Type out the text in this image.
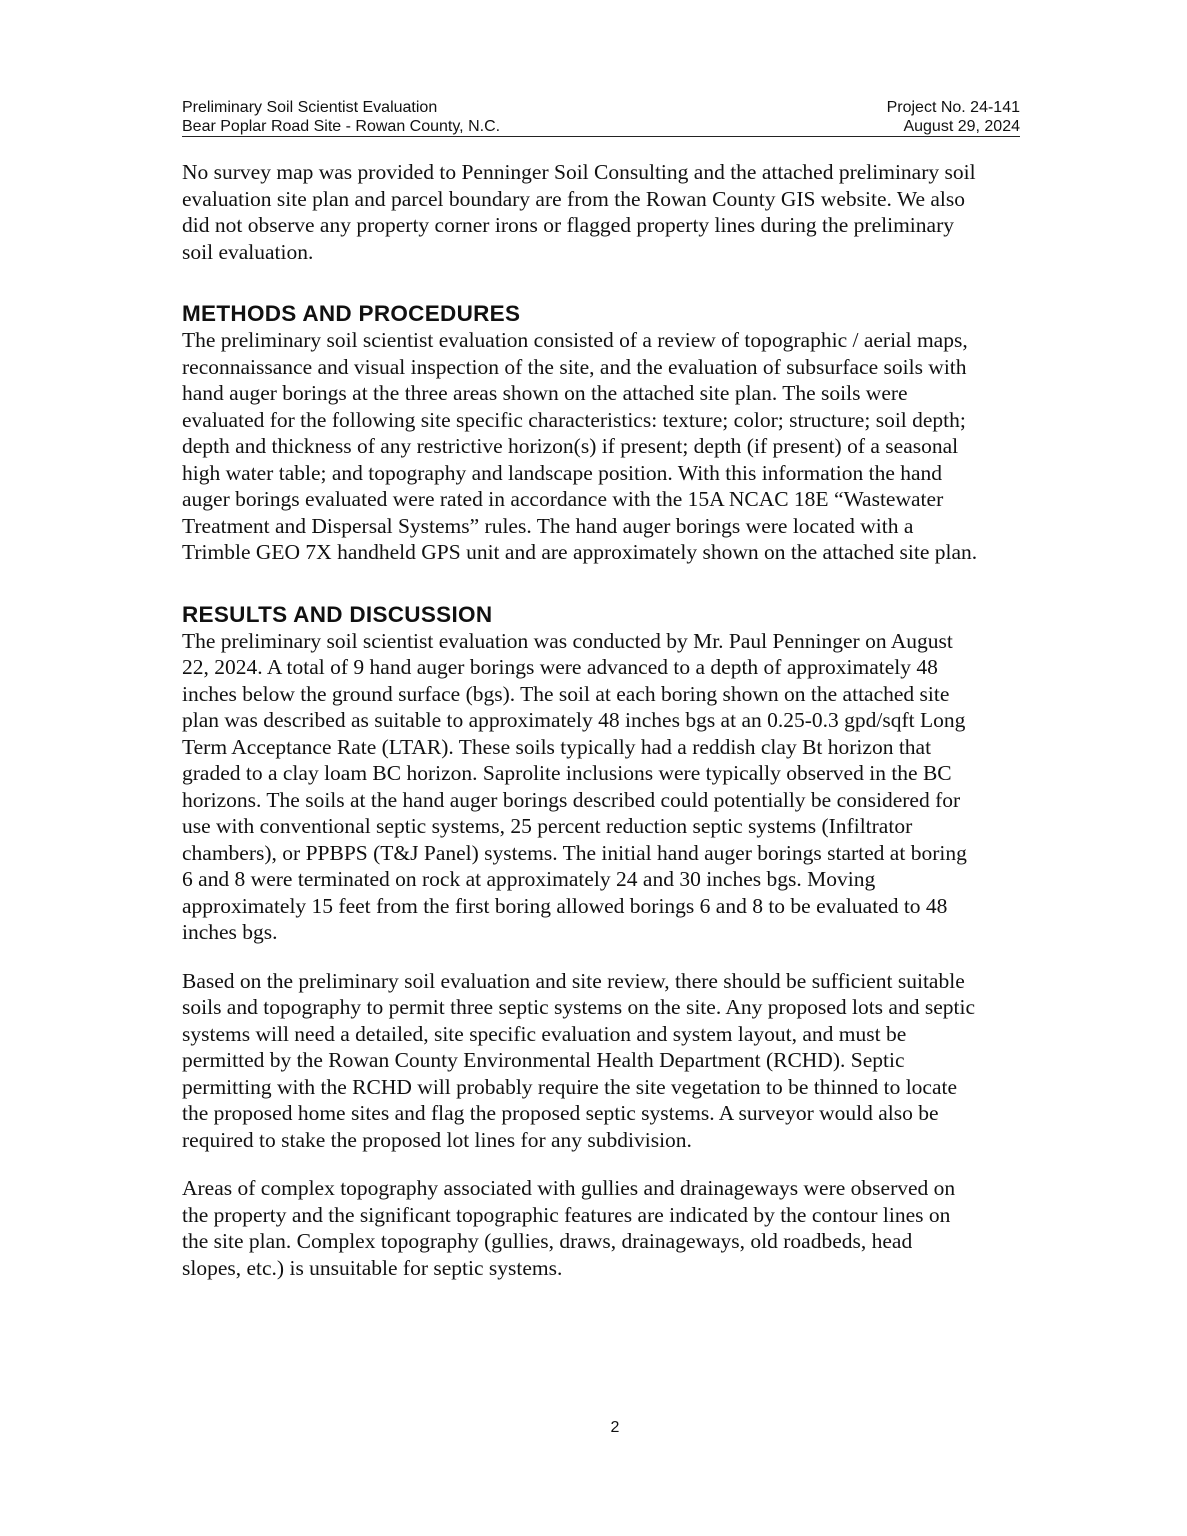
Preliminary Soil Scientist Evaluation	Project No. 24-141
Bear Poplar Road Site - Rowan County, N.C.	August 29, 2024

No survey map was provided to Penninger Soil Consulting and the attached preliminary soil
evaluation site plan and parcel boundary are from the Rowan County GIS website. We also
did not observe any property corner irons or flagged property lines during the preliminary
soil evaluation.

METHODS AND PROCEDURES

The preliminary soil scientist evaluation consisted of a review of topographic / aerial maps,
reconnaissance and visual inspection of the site, and the evaluation of subsurface soils with
hand auger borings at the three areas shown on the attached site plan. The soils were
evaluated for the following site specific characteristics: texture; color; structure; soil depth;
depth and thickness of any restrictive horizon(s) if present; depth (if present) of a seasonal
high water table; and topography and landscape position. With this information the hand
auger borings evaluated were rated in accordance with the 15A NCAC 18E “Wastewater
Treatment and Dispersal Systems” rules. The hand auger borings were located with a
Trimble GEO 7X handheld GPS unit and are approximately shown on the attached site plan.

RESULTS AND DISCUSSION

The preliminary soil scientist evaluation was conducted by Mr. Paul Penninger on August
22, 2024. A total of 9 hand auger borings were advanced to a depth of approximately 48
inches below the ground surface (bgs). The soil at each boring shown on the attached site
plan was described as suitable to approximately 48 inches bgs at an 0.25-0.3 gpd/sqft Long
Term Acceptance Rate (LTAR). These soils typically had a reddish clay Bt horizon that
graded to a clay loam BC horizon. Saprolite inclusions were typically observed in the BC
horizons. The soils at the hand auger borings described could potentially be considered for
use with conventional septic systems, 25 percent reduction septic systems (Infiltrator
chambers), or PPBPS (T&J Panel) systems. The initial hand auger borings started at boring
6 and 8 were terminated on rock at approximately 24 and 30 inches bgs. Moving
approximately 15 feet from the first boring allowed borings 6 and 8 to be evaluated to 48
inches bgs.

Based on the preliminary soil evaluation and site review, there should be sufficient suitable
soils and topography to permit three septic systems on the site. Any proposed lots and septic
systems will need a detailed, site specific evaluation and system layout, and must be
permitted by the Rowan County Environmental Health Department (RCHD). Septic
permitting with the RCHD will probably require the site vegetation to be thinned to locate
the proposed home sites and flag the proposed septic systems. A surveyor would also be
required to stake the proposed lot lines for any subdivision.

Areas of complex topography associated with gullies and drainageways were observed on
the property and the significant topographic features are indicated by the contour lines on
the site plan. Complex topography (gullies, draws, drainageways, old roadbeds, head
slopes, etc.) is unsuitable for septic systems.

2
